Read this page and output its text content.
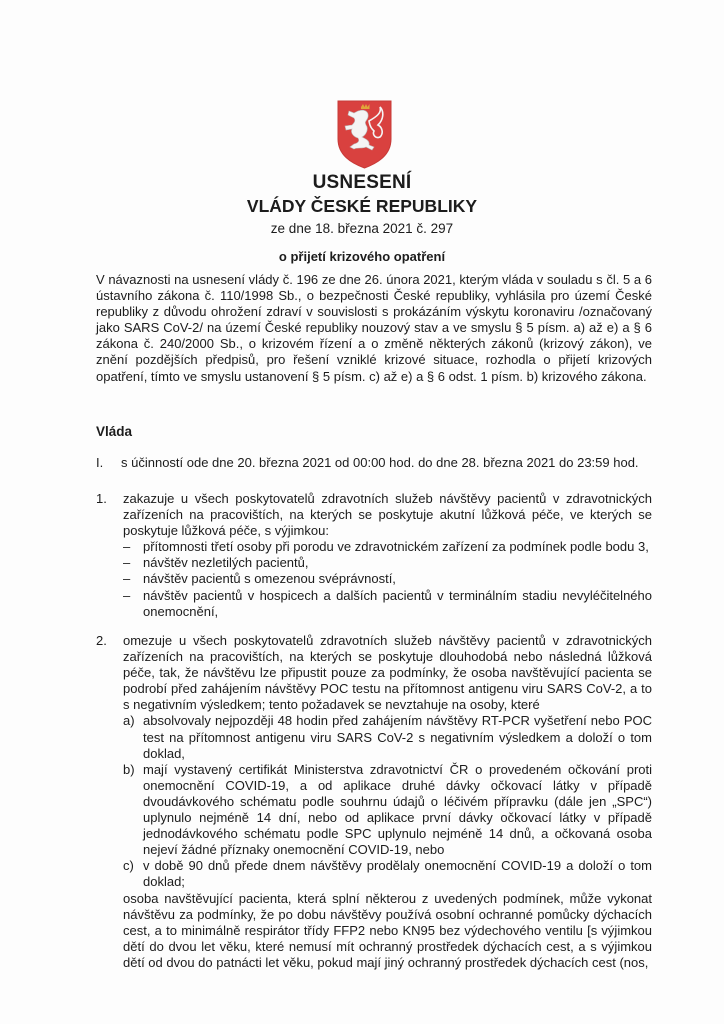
USNESENÍ
VLÁDY ČESKÉ REPUBLIKY
ze dne 18. března 2021 č. 297
o přijetí krizového opatření
V návaznosti na usnesení vlády č. 196 ze dne 26. února 2021, kterým vláda v souladu s čl. 5 a 6 ústavního zákona č. 110/1998 Sb., o bezpečnosti České republiky, vyhlásila pro území České republiky z důvodu ohrožení zdraví v souvislosti s prokázáním výskytu koronaviru /označovaný jako SARS CoV-2/ na území České republiky nouzový stav a ve smyslu § 5 písm. a) až e) a § 6 zákona č. 240/2000 Sb., o krizovém řízení a o změně některých zákonů (krizový zákon), ve znění pozdějších předpisů, pro řešení vzniklé krizové situace, rozhodla o přijetí krizových opatření, tímto ve smyslu ustanovení § 5 písm. c) až e) a § 6 odst. 1 písm. b) krizového zákona.
Vláda
I. s účinností ode dne 20. března 2021 od 00:00 hod. do dne 28. března 2021 do 23:59 hod.
1. zakazuje u všech poskytovatelů zdravotních služeb návštěvy pacientů v zdravotnických zařízeních na pracovištích, na kterých se poskytuje akutní lůžková péče, ve kterých se poskytuje lůžková péče, s výjimkou:
– přítomnosti třetí osoby při porodu ve zdravotnickém zařízení za podmínek podle bodu 3,
– návštěv nezletilých pacientů,
– návštěv pacientů s omezenou svéprávností,
– návštěv pacientů v hospicech a dalších pacientů v terminálním stadiu nevyléčitelného onemocnění,
2. omezuje u všech poskytovatelů zdravotních služeb návštěvy pacientů v zdravotnických zařízeních na pracovištích, na kterých se poskytuje dlouhodobá nebo následná lůžková péče, tak, že návštěvu lze připustit pouze za podmínky, že osoba navštěvující pacienta se podrobí před zahájením návštěvy POC testu na přítomnost antigenu viru SARS CoV-2, a to s negativním výsledkem; tento požadavek se nevztahuje na osoby, které
a) absolvovaly nejpozději 48 hodin před zahájením návštěvy RT-PCR vyšetření nebo POC test na přítomnost antigenu viru SARS CoV-2 s negativním výsledkem a doloží o tom doklad,
b) mají vystavený certifikát Ministerstva zdravotnictví ČR o provedeném očkování proti onemocnění COVID-19, a od aplikace druhé dávky očkovací látky v případě dvoudávkového schématu podle souhrnu údajů o léčivém přípravku (dále jen „SPC“) uplynulo nejméně 14 dní, nebo od aplikace první dávky očkovací látky v případě jednodávkového schématu podle SPC uplynulo nejméně 14 dnů, a očkovaná osoba nejeví žádné příznaky onemocnění COVID-19, nebo
c) v době 90 dnů přede dnem návštěvy prodělaly onemocnění COVID-19 a doloží o tom doklad;
osoba navštěvující pacienta, která splní některou z uvedených podmínek, může vykonat návštěvu za podmínky, že po dobu návštěvy používá osobní ochranné pomůcky dýchacích cest, a to minimálně respirátor třídy FFP2 nebo KN95 bez výdechového ventilu [s výjimkou dětí do dvou let věku, které nemusí mít ochranný prostředek dýchacích cest, a s výjimkou dětí od dvou do patnácti let věku, pokud mají jiný ochranný prostředek dýchacích cest (nos,
